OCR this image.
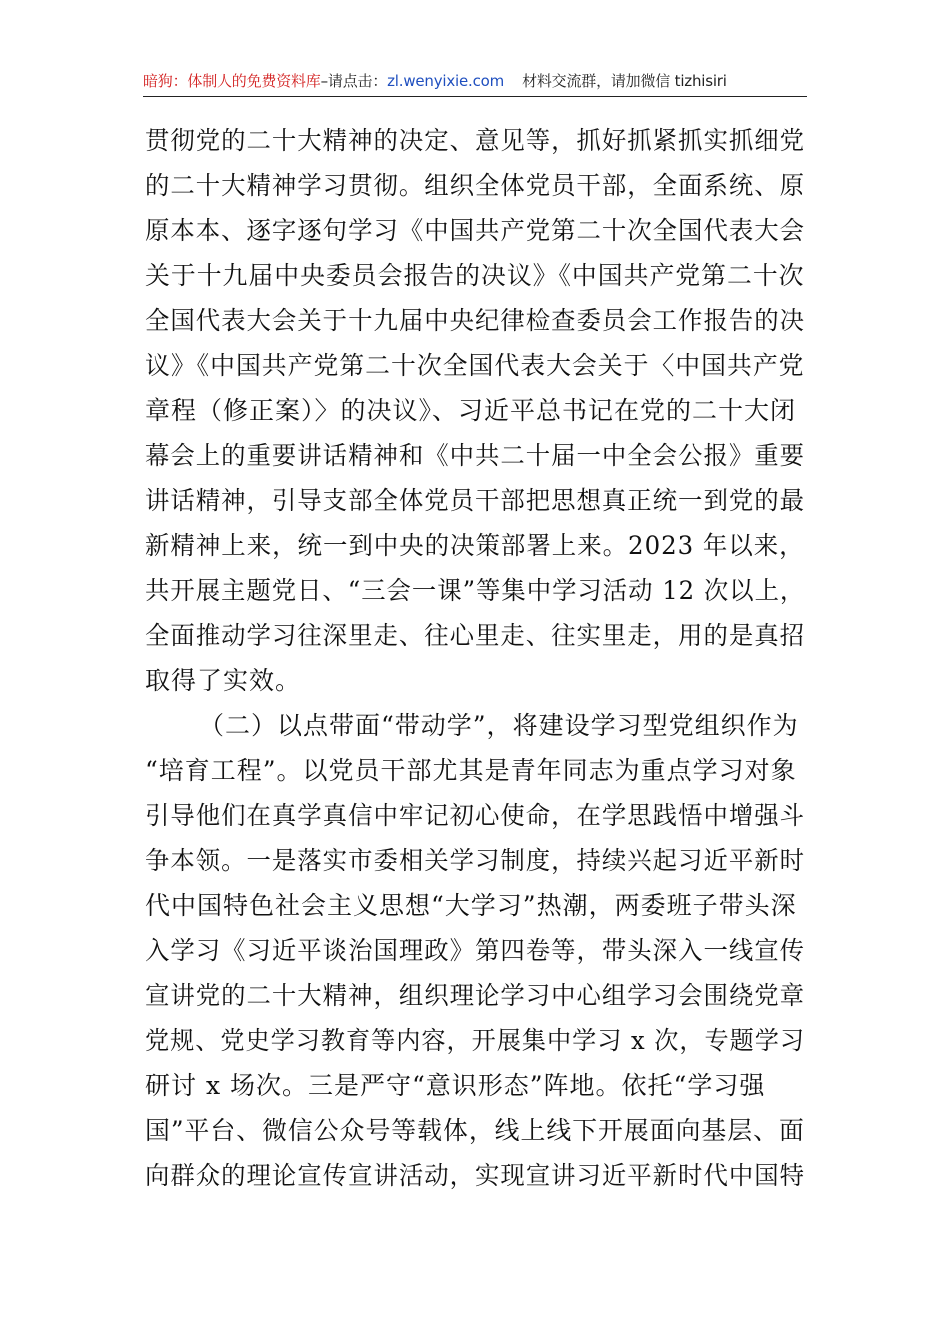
暗狗：体制人的免费资料库–请点击：zl.wenyixie.com 材料交流群，请加微信 tizhisiri
贯彻党的二十大精神的决定、意见等，抓好抓紧抓实抓细党
的二十大精神学习贯彻。组织全体党员干部，全面系统、原
原本本、逐字逐句学习《中国共产党第二十次全国代表大会
关于十九届中央委员会报告的决议》《中国共产党第二十次
全国代表大会关于十九届中央纪律检查委员会工作报告的决
议》《中国共产党第二十次全国代表大会关于〈中国共产党
章程（修正案）〉的决议》、习近平总书记在党的二十大闭
幕会上的重要讲话精神和《中共二十届一中全会公报》重要
讲话精神，引导支部全体党员干部把思想真正统一到党的最
新精神上来，统一到中央的决策部署上来。2023 年以来，
共开展主题党日、“三会一课”等集中学习活动 12 次以上，
全面推动学习往深里走、往心里走、往实里走，用的是真招
取得了实效。
（二）以点带面“带动学”，将建设学习型党组织作为
“培育工程”。以党员干部尤其是青年同志为重点学习对象
引导他们在真学真信中牢记初心使命，在学思践悟中增强斗
争本领。一是落实市委相关学习制度，持续兴起习近平新时
代中国特色社会主义思想“大学习”热潮，两委班子带头深
入学习《习近平谈治国理政》第四卷等，带头深入一线宣传
宣讲党的二十大精神，组织理论学习中心组学习会围绕党章
党规、党史学习教育等内容，开展集中学习 x 次，专题学习
研讨 x 场次。三是严守“意识形态”阵地。依托“学习强
国”平台、微信公众号等载体，线上线下开展面向基层、面
向群众的理论宣传宣讲活动，实现宣讲习近平新时代中国特
